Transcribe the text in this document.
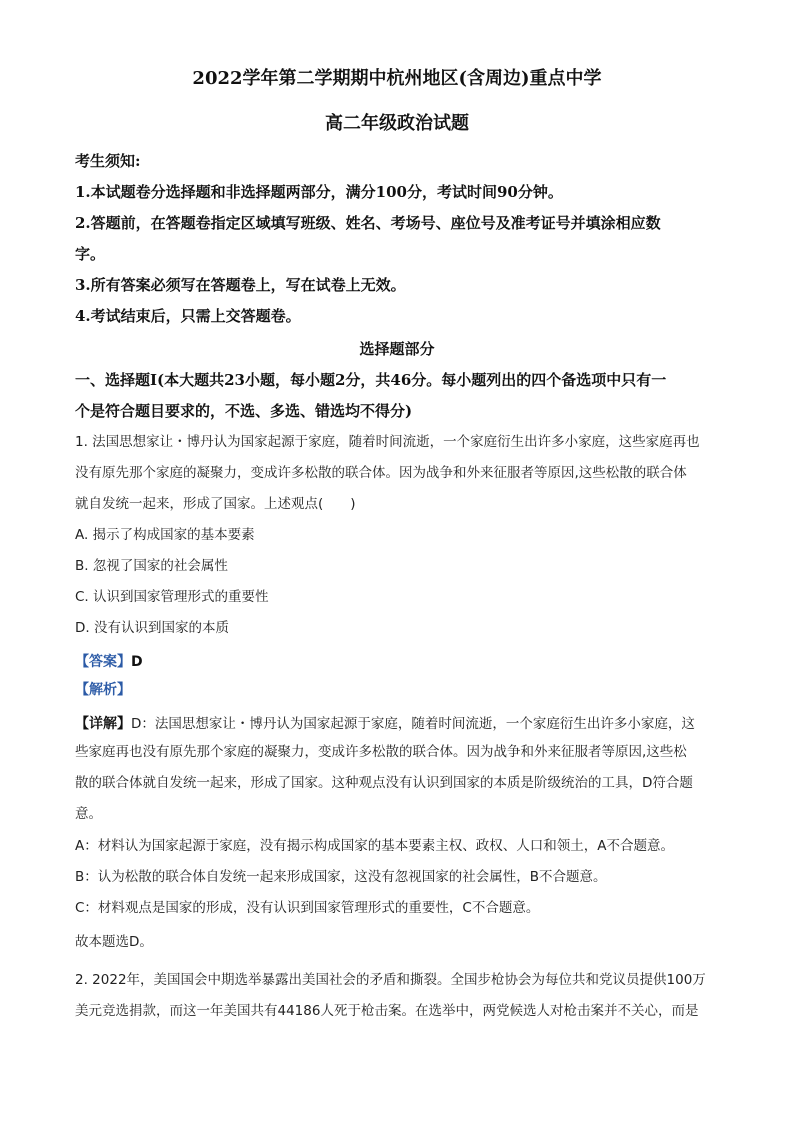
2022学年第二学期期中杭州地区(含周边)重点中学
高二年级政治试题
考生须知:
1.本试题卷分选择题和非选择题两部分，满分100分，考试时间90分钟。
2.答题前，在答题卷指定区域填写班级、姓名、考场号、座位号及准考证号并填涂相应数
字。
3.所有答案必须写在答题卷上，写在试卷上无效。
4.考试结束后，只需上交答题卷。
选择题部分
一、选择题Ⅰ(本大题共23小题，每小题2分，共46分。每小题列出的四个备选项中只有一
个是符合题目要求的，不选、多选、错选均不得分)
1. 法国思想家让・博丹认为国家起源于家庭，随着时间流逝，一个家庭衍生出许多小家庭，这些家庭再也
没有原先那个家庭的凝聚力，变成许多松散的联合体。因为战争和外来征服者等原因,这些松散的联合体
就自发统一起来，形成了国家。上述观点(　　)
A. 揭示了构成国家的基本要素
B. 忽视了国家的社会属性
C. 认识到国家管理形式的重要性
D. 没有认识到国家的本质
【答案】D
【解析】
【详解】D：法国思想家让・博丹认为国家起源于家庭，随着时间流逝，一个家庭衍生出许多小家庭，这
些家庭再也没有原先那个家庭的凝聚力，变成许多松散的联合体。因为战争和外来征服者等原因,这些松
散的联合体就自发统一起来，形成了国家。这种观点没有认识到国家的本质是阶级统治的工具，D符合题
意。
A：材料认为国家起源于家庭，没有揭示构成国家的基本要素主权、政权、人口和领土，A不合题意。
B：认为松散的联合体自发统一起来形成国家，这没有忽视国家的社会属性，B不合题意。
C：材料观点是国家的形成，没有认识到国家管理形式的重要性，C不合题意。
故本题选D。
2. 2022年，美国国会中期选举暴露出美国社会的矛盾和撕裂。全国步枪协会为每位共和党议员提供100万
美元竞选捐款，而这一年美国共有44186人死于枪击案。在选举中，两党候选人对枪击案并不关心，而是
